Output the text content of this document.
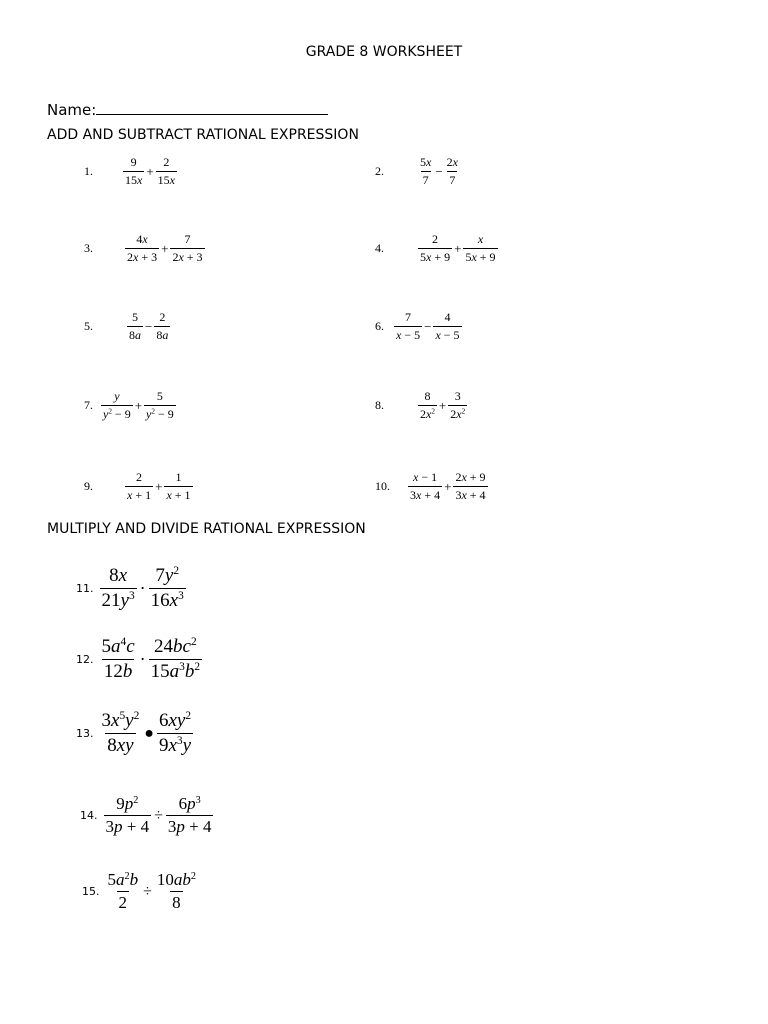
GRADE 8 WORKSHEET
Name:
ADD AND SUBTRACT RATIONAL EXPRESSION
1.	$\frac{9}{15x} + \frac{2}{15x}$	2.	$\frac{5x}{7} - \frac{2x}{7}$
3.	$\frac{4x}{2x + 3} + \frac{7}{2x + 3}$	4.	$\frac{2}{5x + 9} + \frac{x}{5x + 9}$
5.	$\frac{5}{8a} - \frac{2}{8a}$	6. $\frac{7}{x - 5} - \frac{4}{x - 5}$
7. $\frac{y}{y^2 - 9} + \frac{5}{y^2 - 9}$	8.	$\frac{8}{2x^2} + \frac{3}{2x^2}$
9.	$\frac{2}{x + 1} + \frac{1}{x + 1}$	10. $\frac{x - 1}{3x + 4} + \frac{2x + 9}{3x + 4}$
MULTIPLY AND DIVIDE RATIONAL EXPRESSION
11. $\frac{8x}{21y^3} \cdot \frac{7y^2}{16x^3}$
12. $\frac{5a^4c}{12b} \cdot \frac{24bc^2}{15a^3b^2}$
13. $\frac{3x^5y^2}{8xy}$ ● $\frac{6xy^2}{9x^3y}$
14. $\frac{9p^2}{3p + 4} \div \frac{6p^3}{3p + 4}$
15. $\frac{5a^2b}{2} \div \frac{10ab^2}{8}$
